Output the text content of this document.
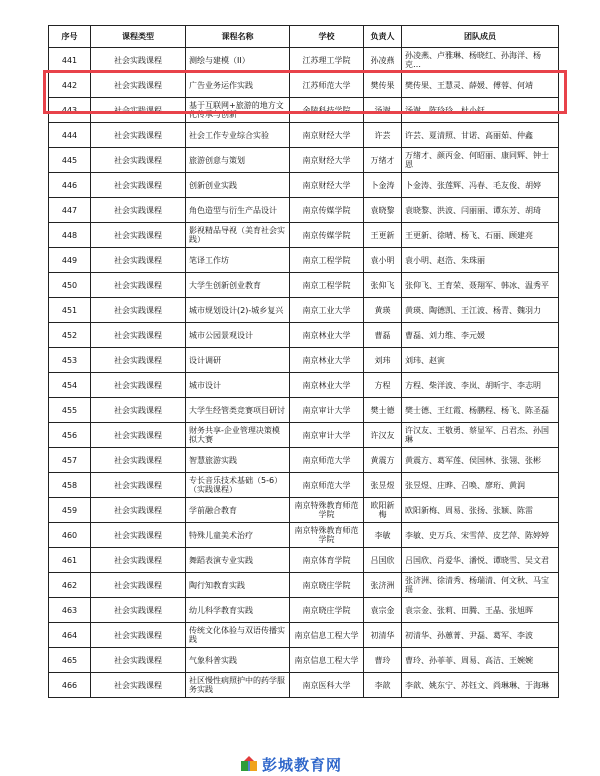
序号	课程类型	课程名称	学校	负责人	团队成员
441	社会实践课程	测绘与建模（II）	江苏理工学院	孙凌燕	孙凌燕、卢雅琳、杨晓红、孙海洋、杨克…
442	社会实践课程	广告业务运作实践	江苏师范大学	樊传果	樊传果、王慧灵、薛媛、傅蓉、何靖
443	社会实践课程	基于互联网+旅游的地方文化传承与创新	金陵科技学院	汤澍	汤澍、陈玲玲、杜小钰
444	社会实践课程	社会工作专业综合实验	南京财经大学	许芸	许芸、夏清照、甘诺、高丽茹、仲鑫
445	社会实践课程	旅游创意与策划	南京财经大学	万绪才	万绪才、颜丙金、何昭丽、康同辉、钟士恩
446	社会实践课程	创新创业实践	南京财经大学	卜金涛	卜金涛、张莲辉、冯春、毛友俊、胡婷
447	社会实践课程	角色造型与衍生产品设计	南京传媒学院	袁晓黎	袁晓黎、洪波、闫丽丽、谭东芳、胡琦
448	社会实践课程	影视精品导视（美育社会实践）	南京传媒学院	王更新	王更新、徐晴、杨飞、石丽、顾建亮
449	社会实践课程	笔译工作坊	南京工程学院	袁小明	袁小明、赵浩、朱珠丽
450	社会实践课程	大学生创新创业教育	南京工程学院	张仰飞	张仰飞、王育荣、聂翔军、韩冰、温秀平
451	社会实践课程	城市规划设计(2)-城乡复兴	南京工业大学	黄瑛	黄瑛、陶德凯、王江波、杨青、魏羽力
452	社会实践课程	城市公园景观设计	南京林业大学	曹磊	曹磊、刘力维、李元媛
453	社会实践课程	设计调研	南京林业大学	刘玮	刘玮、赵寅
454	社会实践课程	城市设计	南京林业大学	方程	方程、柴洋波、李岚、胡昕宇、李志明
455	社会实践课程	大学生经管类竞赛项目研讨	南京审计大学	樊士德	樊士德、王红霞、杨鹏程、杨飞、陈圣磊
456	社会实践课程	财务共享-企业管理决策模拟大赛	南京审计大学	许汉友	许汉友、王敬勇、蔡显军、吕君杰、孙国琳
457	社会实践课程	智慧旅游实践	南京师范大学	黄震方	黄震方、葛军莲、侯国林、张翎、张彬
458	社会实践课程	专长音乐技术基础（5-6）（实践课程）	南京师范大学	张昱煜	张昱煜、庄晔、召唤、廖珩、黄润
459	社会实践课程	学前融合教育	南京特殊教育师范学院	欧阳新梅	欧阳新梅、周易、张扬、张颖、陈雷
460	社会实践课程	特殊儿童美术治疗	南京特殊教育师范学院	李敏	李敏、史万兵、宋雪萍、皮艺萍、陈婷婷
461	社会实践课程	舞蹈表演专业实践	南京体育学院	吕国欣	吕国欣、肖爱华、潘悦、谭晓雪、吴文君
462	社会实践课程	陶行知教育实践	南京晓庄学院	张济洲	张济洲、徐清秀、杨瑞清、何文秋、马宝瑶
463	社会实践课程	幼儿科学教育实践	南京晓庄学院	袁宗金	袁宗金、张莉、田腾、王晶、张旭晖
464	社会实践课程	传统文化体验与双语传播实践	南京信息工程大学	初清华	初清华、孙蕙菁、尹磊、葛军、李波
465	社会实践课程	气象科普实践	南京信息工程大学	曹玲	曹玲、孙菲菲、周易、高洁、王婉婉
466	社会实践课程	社区慢性病照护中的药学服务实践	南京医科大学	李歆	李歆、姚东宁、苏钰文、尚琳琳、于海琳
彭城教育网
